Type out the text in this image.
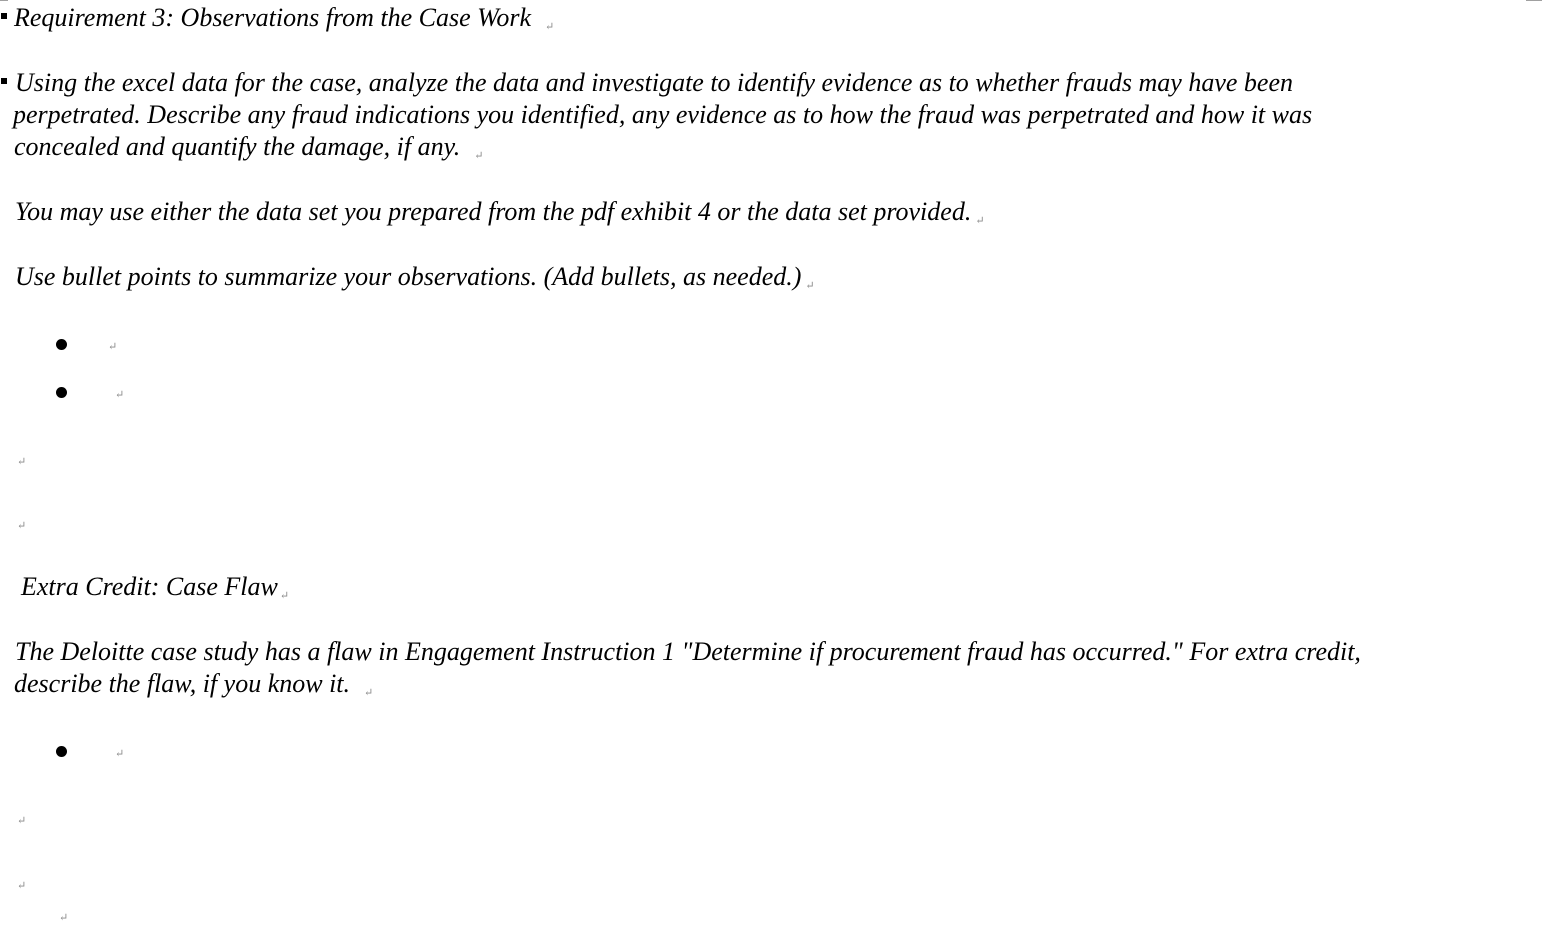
Requirement 3: Observations from the Case Work ↵
Using the excel data for the case, analyze the data and investigate to identify evidence as to whether frauds may have been
perpetrated. Describe any fraud indications you identified, any evidence as to how the fraud was perpetrated and how it was
concealed and quantify the damage, if any. ↵
You may use either the data set you prepared from the pdf exhibit 4 or the data set provided. ↵
Use bullet points to summarize your observations. (Add bullets, as needed.) ↵
↵
↵
↵
↵
Extra Credit: Case Flaw ↵
The Deloitte case study has a flaw in Engagement Instruction 1 "Determine if procurement fraud has occurred." For extra credit,
describe the flaw, if you know it. ↵
↵
↵
↵
↵
